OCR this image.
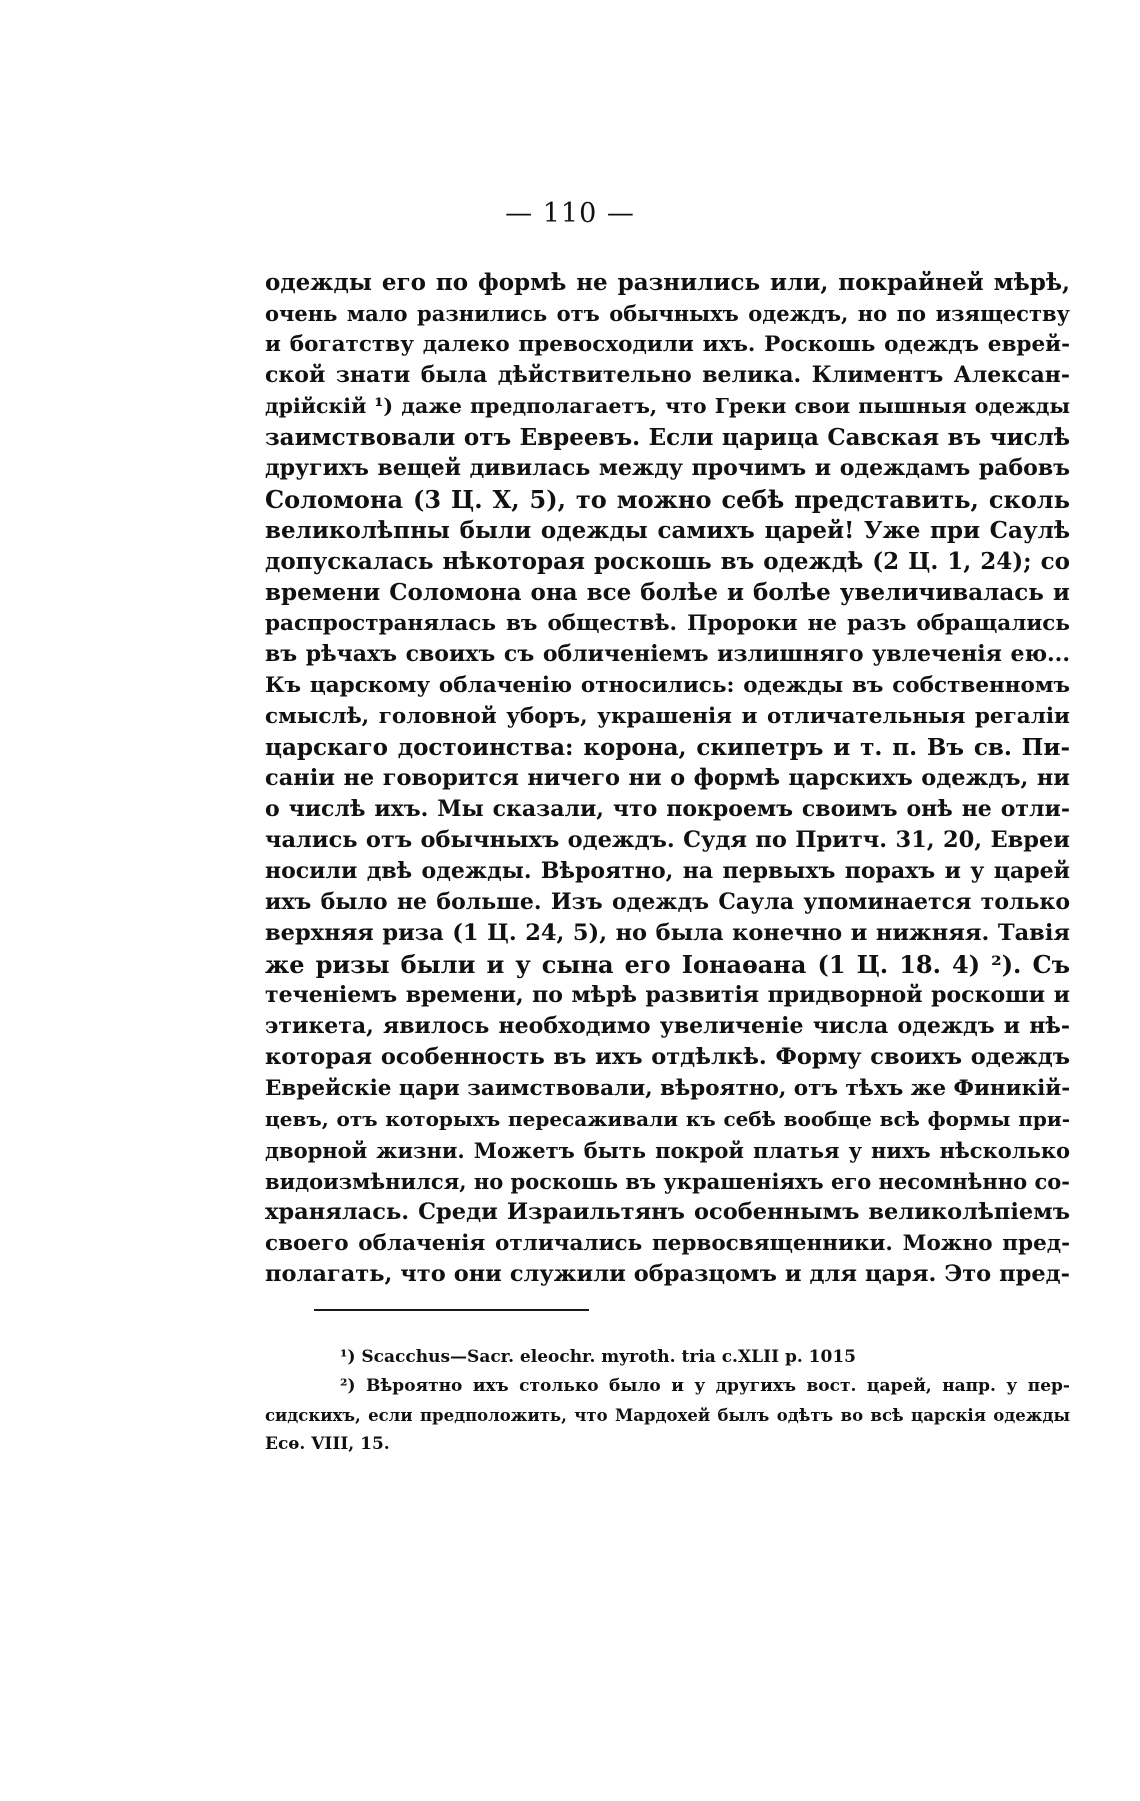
— 110 —
одежды его по формѣ не разнились или, покрайней мѣрѣ,
очень мало разнились отъ обычныхъ одеждъ, но по изяществу
и богатству далеко превосходили ихъ. Роскошь одеждъ еврей-
ской знати была дѣйствительно велика. Климентъ Алексан-
дрійскій ¹) даже предполагаетъ, что Греки свои пышныя одежды
заимствовали отъ Евреевъ. Если царица Савская въ числѣ
другихъ вещей дивилась между прочимъ и одеждамъ рабовъ
Соломона (3 Ц. X, 5), то можно себѣ представить, сколь
великолѣпны были одежды самихъ царей! Уже при Саулѣ
допускалась нѣкоторая роскошь въ одеждѣ (2 Ц. 1, 24); со
времени Соломона она все болѣе и болѣе увеличивалась и
распространялась въ обществѣ. Пророки не разъ обращались
въ рѣчахъ своихъ съ обличеніемъ излишняго увлеченія ею...
Къ царскому облаченію относились: одежды въ собственномъ
смыслѣ, головной уборъ, украшенія и отличательныя регаліи
царскаго достоинства: корона, скипетръ и т. п. Въ св. Пи-
саніи не говорится ничего ни о формѣ царскихъ одеждъ, ни
о числѣ ихъ. Мы сказали, что покроемъ своимъ онѣ не отли-
чались отъ обычныхъ одеждъ. Судя по Притч. 31, 20, Евреи
носили двѣ одежды. Вѣроятно, на первыхъ порахъ и у царей
ихъ было не больше. Изъ одеждъ Саула упоминается только
верхняя риза (1 Ц. 24, 5), но была конечно и нижняя. Тавія
же ризы были и у сына его Іонаѳана (1 Ц. 18. 4) ²). Съ
теченіемъ времени, по мѣрѣ развитія придворной роскоши и
этикета, явилось необходимо увеличеніе числа одеждъ и нѣ-
которая особенность въ ихъ отдѣлкѣ. Форму своихъ одеждъ
Еврейскіе цари заимствовали, вѣроятно, отъ тѣхъ же Финикій-
цевъ, отъ которыхъ пересаживали къ себѣ вообще всѣ формы при-
дворной жизни. Можетъ быть покрой платья у нихъ нѣсколько
видоизмѣнился, но роскошь въ украшеніяхъ его несомнѣнно со-
хранялась. Среди Израильтянъ особеннымъ великолѣпіемъ
своего облаченія отличались первосвященники. Можно пред-
полагать, что они служили образцомъ и для царя. Это пред-
¹) Scacchus—Sacr. eleochr. myroth. tria c.XLII p. 1015
²) Вѣроятно ихъ столько было и у другихъ вост. царей, напр. у пер-
сидскихъ, если предположить, что Мардохей былъ одѣтъ во всѣ царскія одежды
Есѳ. VIII, 15.
